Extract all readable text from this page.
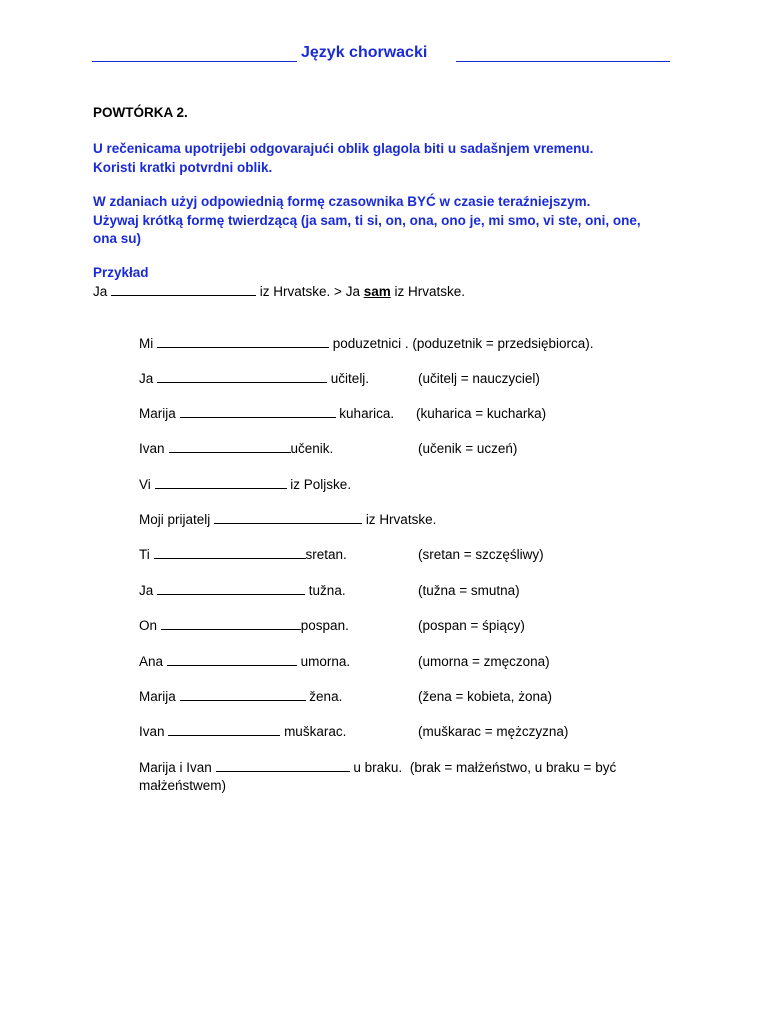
Język chorwacki
POWTÓRKA 2.
U rečenicama upotrijebi odgovarajući oblik glagola biti u sadašnjem vremenu.
Koristi kratki potvrdni oblik.
W zdaniach użyj odpowiednią formę czasownika BYĆ w czasie teraźniejszym.
Używaj krótką formę twierdzącą (ja sam, ti si, on, ona, ono je, mi smo, vi ste, oni, one,
ona su)
Przykład
Ja	iz Hrvatske. > Ja sam iz Hrvatske.
Mi	poduzetnici . (poduzetnik = przedsiębiorca).
Ja	učitelj.	(učitelj = nauczyciel)
Marija	kuharica. (kuharica = kucharka)
Ivan	učenik.	(učenik = uczeń)
Vi	iz Poljske.
Moji prijatelj	iz Hrvatske.
Ti	sretan.	(sretan = szczęśliwy)
Ja	tužna.	(tužna = smutna)
On	pospan.	(pospan = śpiący)
Ana	umorna.	(umorna = zmęczona)
Marija	žena.	(žena = kobieta, żona)
Ivan	muškarac.	(muškarac = mężczyzna)
Marija i Ivan	u braku. (brak = małżeństwo, u braku = być małżeństwem)
